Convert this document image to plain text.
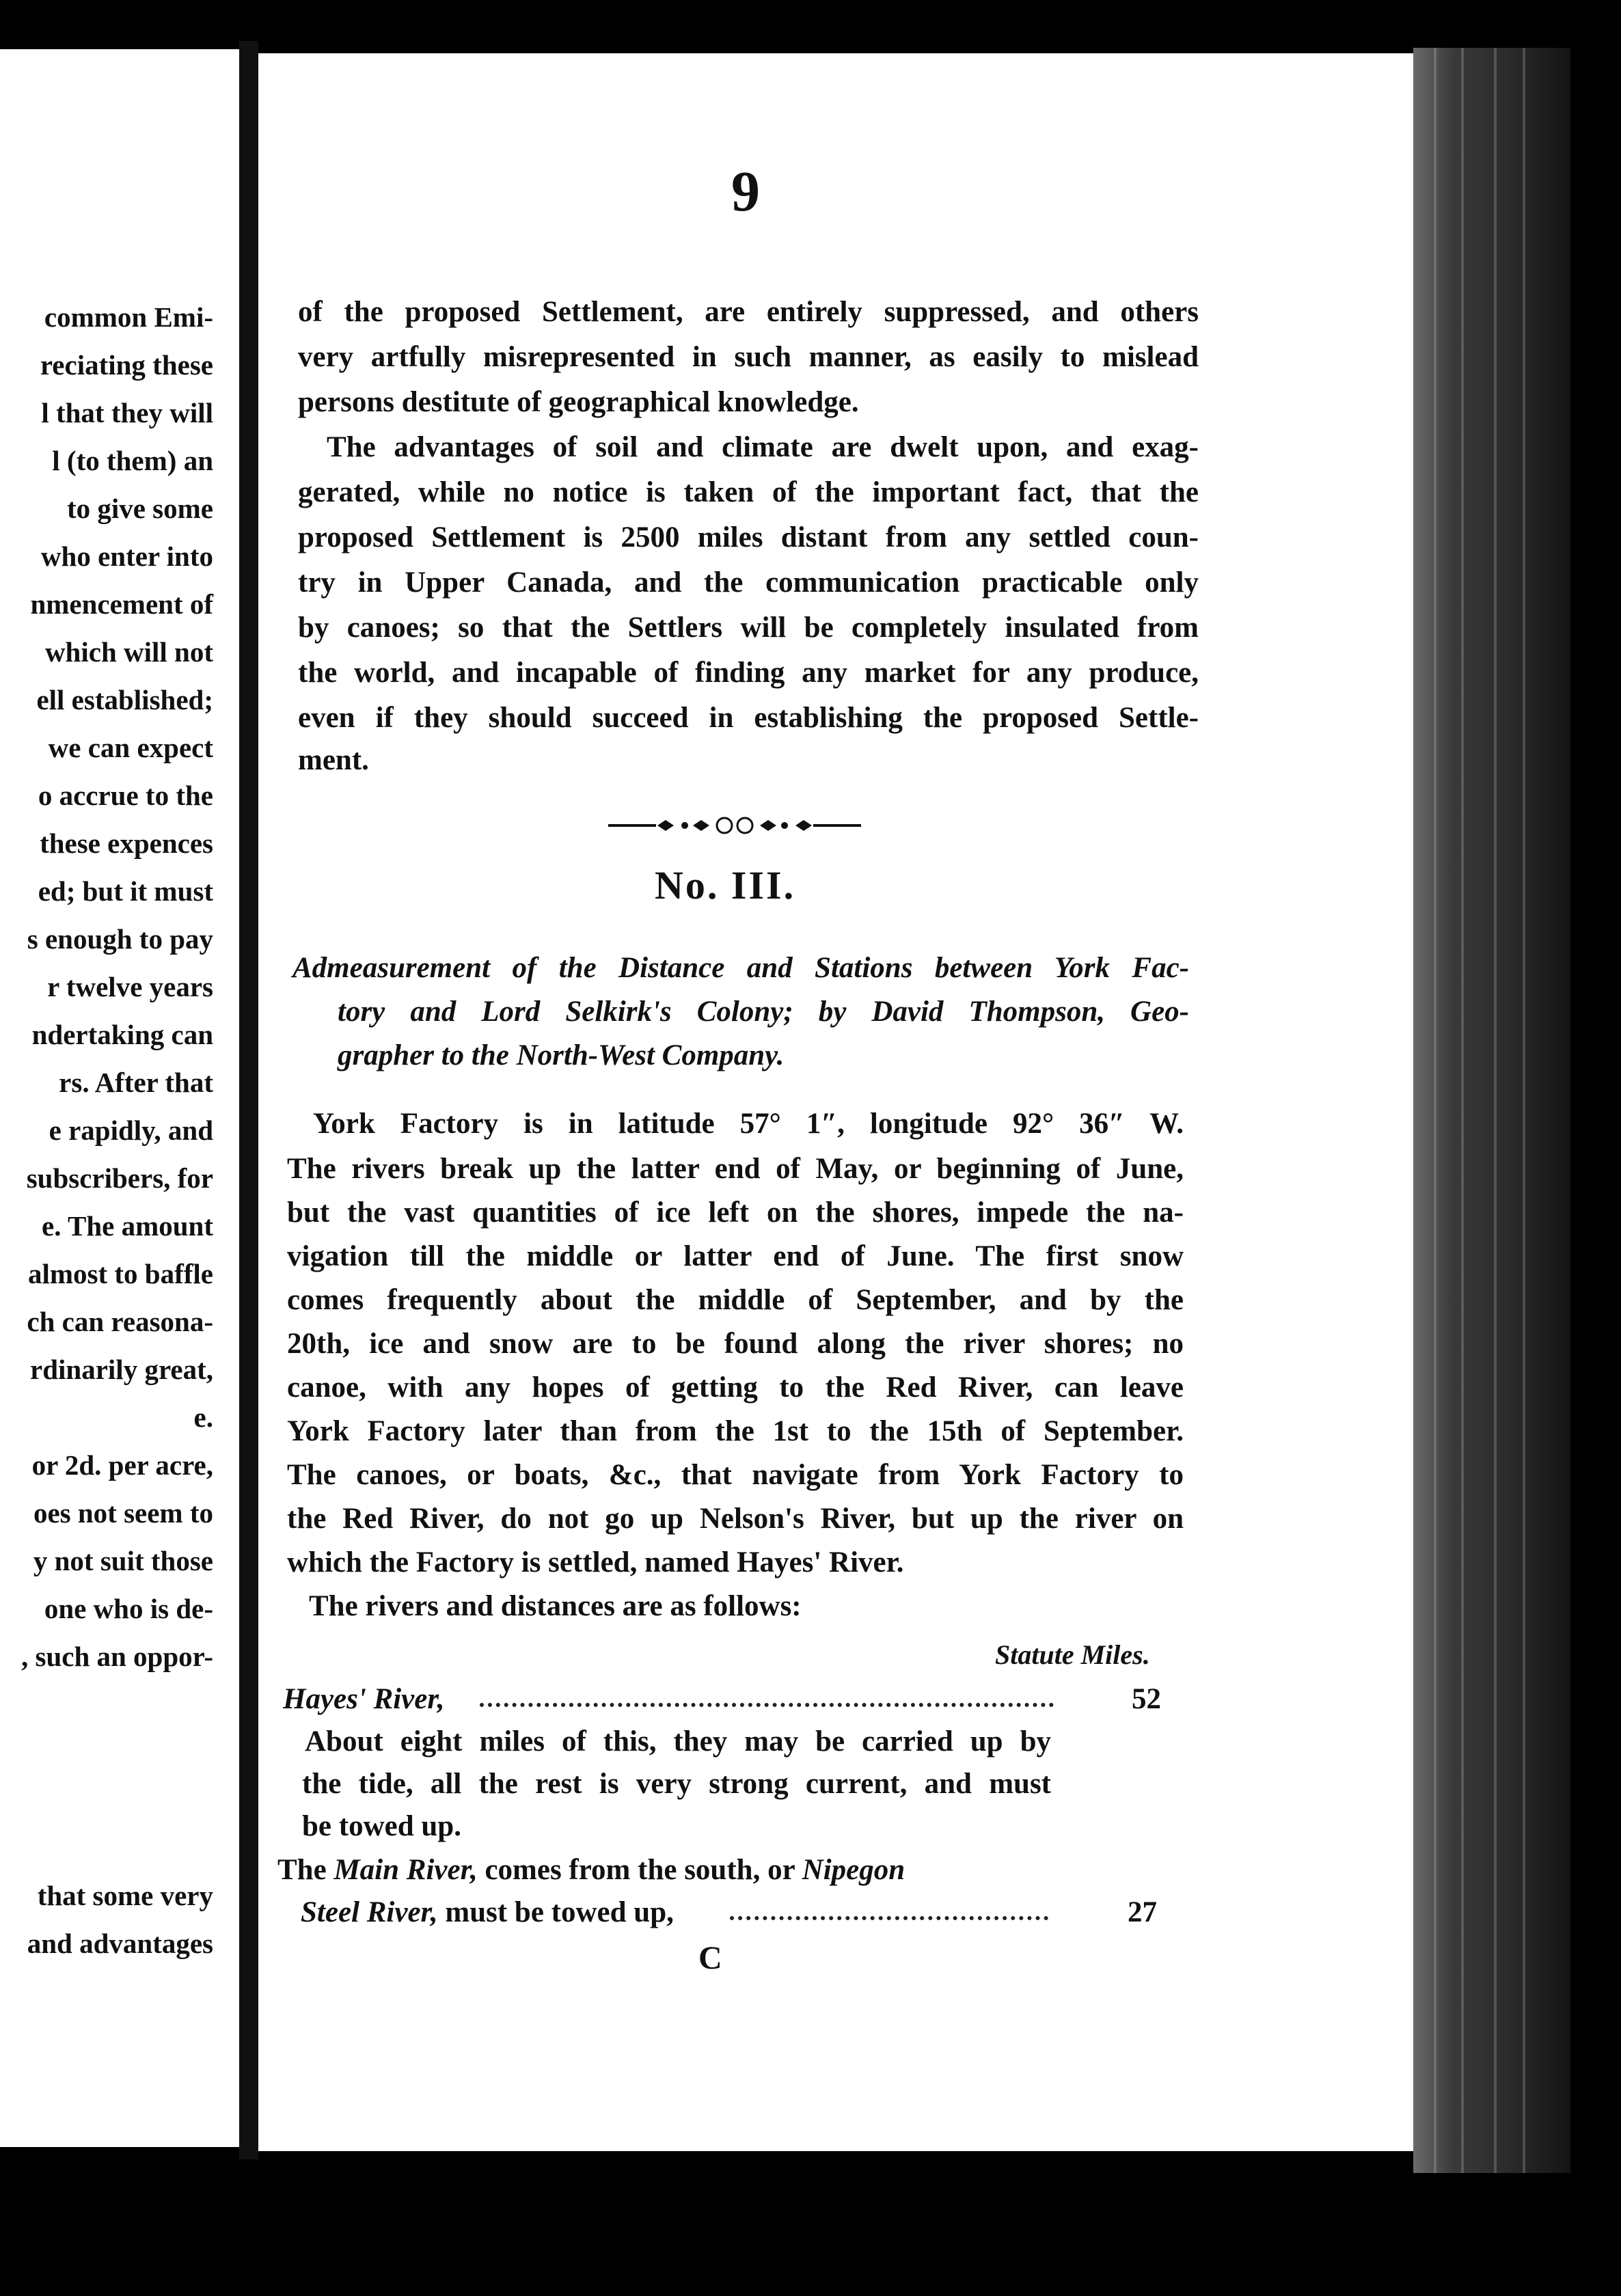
common Emi-
reciating these
l that they will
l (to them) an
to give some
who enter into
nmencement of
which will not
ell established;
we can expect
o accrue to the
these expences
ed; but it must
s enough to pay
r twelve years
ndertaking can
rs. After that
e rapidly, and
subscribers, for
e. The amount
almost to baffle
ch can reasona-
rdinarily great,
e.
or 2d. per acre,
oes not seem to
y not suit those
one who is de-
, such an oppor-
that some very
and advantages
9
of the proposed Settlement, are entirely suppressed, and others
very artfully misrepresented in such manner, as easily to mislead
persons destitute of geographical knowledge.
The advantages of soil and climate are dwelt upon, and exag-
gerated, while no notice is taken of the important fact, that the
proposed Settlement is 2500 miles distant from any settled coun-
try in Upper Canada, and the communication practicable only
by canoes; so that the Settlers will be completely insulated from
the world, and incapable of finding any market for any produce,
even if they should succeed in establishing the proposed Settle-
ment.
No. III.
Admeasurement of the Distance and Stations between York Fac-
tory and Lord Selkirk's Colony; by David Thompson, Geo-
grapher to the North-West Company.
York Factory is in latitude 57° 1″, longitude 92° 36″ W.
The rivers break up the latter end of May, or beginning of June,
but the vast quantities of ice left on the shores, impede the na-
vigation till the middle or latter end of June. The first snow
comes frequently about the middle of September, and by the
20th, ice and snow are to be found along the river shores; no
canoe, with any hopes of getting to the Red River, can leave
York Factory later than from the 1st to the 15th of September.
The canoes, or boats, &c., that navigate from York Factory to
the Red River, do not go up Nelson's River, but up the river on
which the Factory is settled, named Hayes' River.
The rivers and distances are as follows:
Statute Miles.
Hayes' River,	52
About eight miles of this, they may be carried up by
the tide, all the rest is very strong current, and must
be towed up.
The Main River, comes from the south, or Nipegon
Steel River, must be towed up,	27
C
